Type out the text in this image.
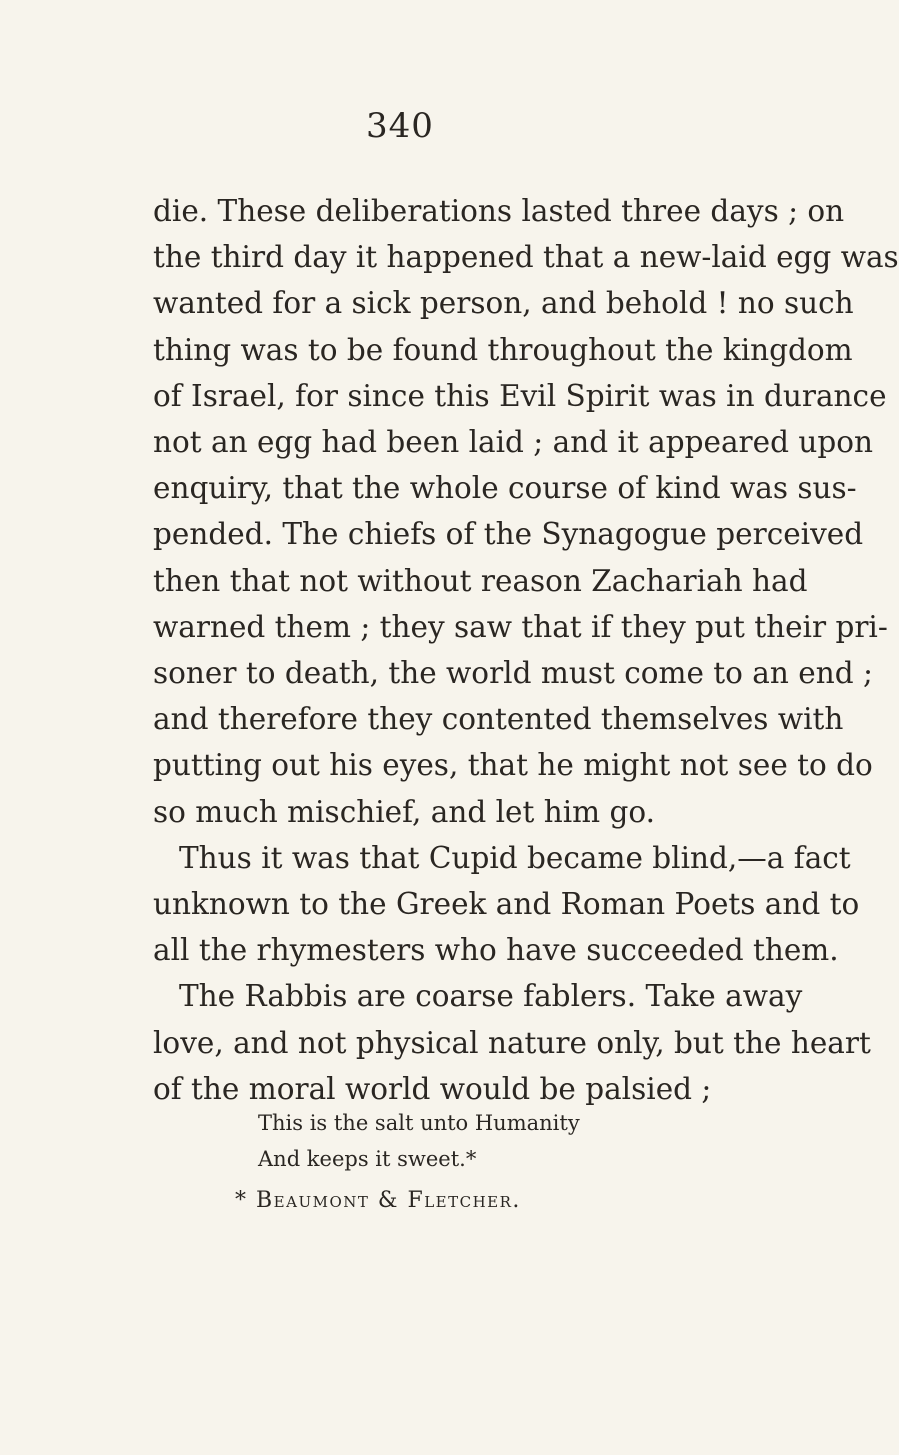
340
die. These deliberations lasted three days ; on
the third day it happened that a new-laid egg was
wanted for a sick person, and behold ! no such
thing was to be found throughout the kingdom
of Israel, for since this Evil Spirit was in durance
not an egg had been laid ; and it appeared upon
enquiry, that the whole course of kind was sus-
pended. The chiefs of the Synagogue perceived
then that not without reason Zachariah had
warned them ; they saw that if they put their pri-
soner to death, the world must come to an end ;
and therefore they contented themselves with
putting out his eyes, that he might not see to do
so much mischief, and let him go.
Thus it was that Cupid became blind,—a fact
unknown to the Greek and Roman Poets and to
all the rhymesters who have succeeded them.
The Rabbis are coarse fablers. Take away
love, and not physical nature only, but the heart
of the moral world would be palsied ;
This is the salt unto Humanity
And keeps it sweet.*
* Beaumont & Fletcher.
